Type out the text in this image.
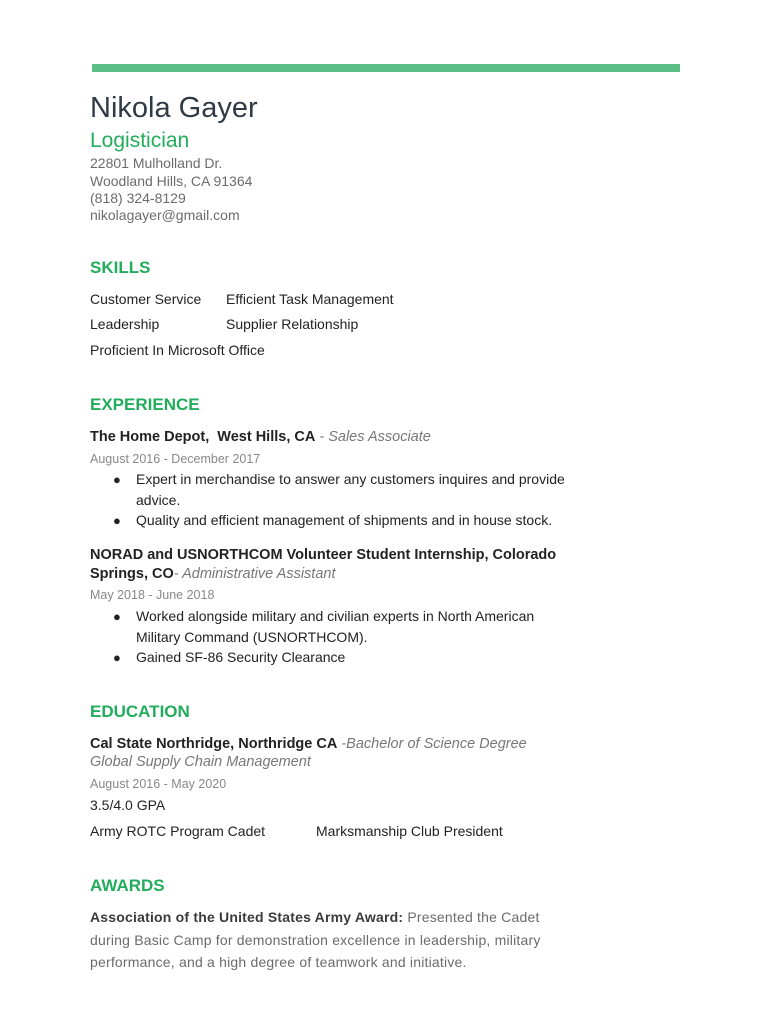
Nikola Gayer
Logistician
22801 Mulholland Dr.
Woodland Hills, CA 91364
(818) 324-8129
nikolagayer@gmail.com
SKILLS
Customer Service Efficient Task Management
Leadership	Supplier Relationship
Proficient In Microsoft Office
EXPERIENCE
The Home Depot,  West Hills, CA - Sales Associate
August 2016 - December 2017
● Expert in merchandise to answer any customers inquires and provide advice.
● Quality and efficient management of shipments and in house stock.
NORAD and USNORTHCOM Volunteer Student Internship, Colorado
Springs, CO- Administrative Assistant
May 2018 - June 2018
● Worked alongside military and civilian experts in North American Military Command (USNORTHCOM).
● Gained SF-86 Security Clearance
EDUCATION
Cal State Northridge, Northridge CA -Bachelor of Science Degree
Global Supply Chain Management
August 2016 - May 2020
3.5/4.0 GPA
Army ROTC Program Cadet	Marksmanship Club President
AWARDS
Association of the United States Army Award: Presented the Cadet during Basic Camp for demonstration excellence in leadership, military performance, and a high degree of teamwork and initiative.
